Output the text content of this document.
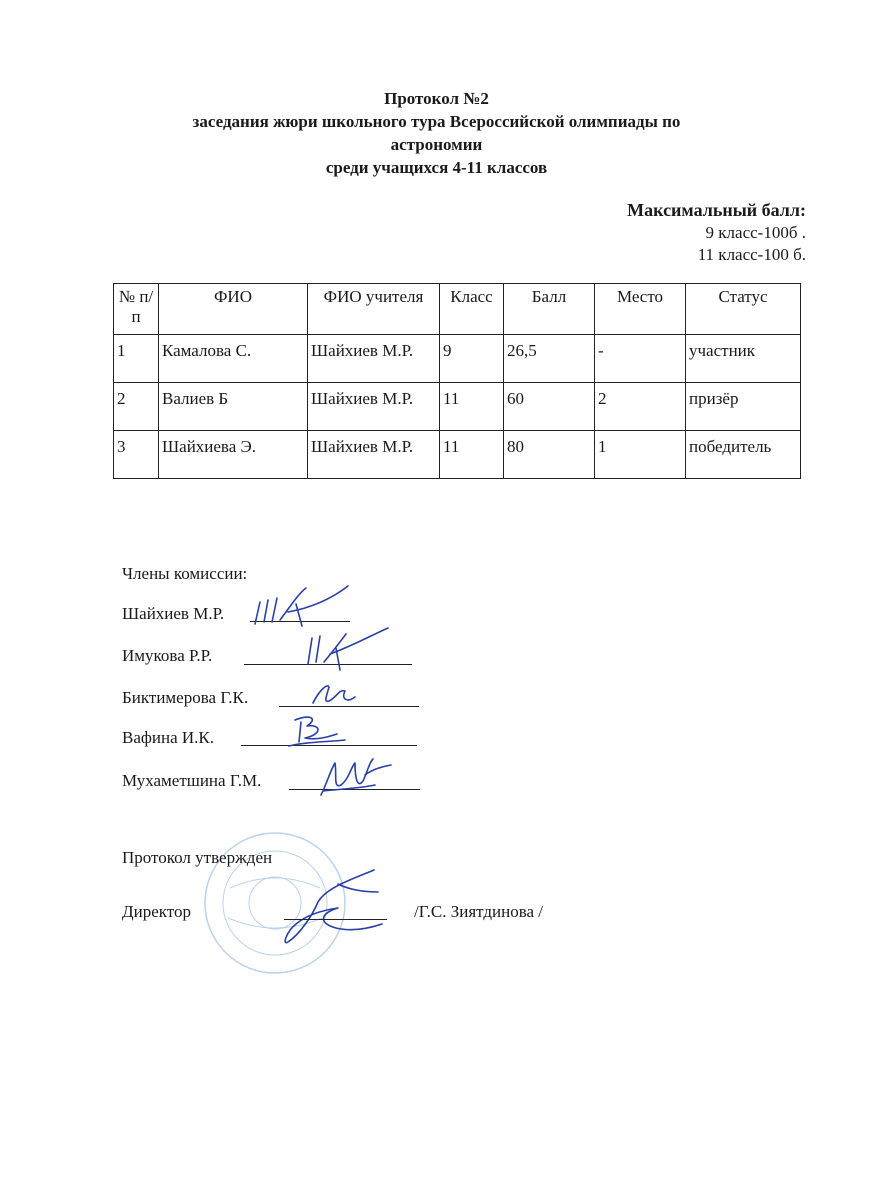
Протокол №2
заседания жюри школьного тура Всероссийской олимпиады по
астрономии
среди учащихся 4-11 классов
Максимальный балл:
9 класс-100б .
11 класс-100 б.
№ п/п	ФИО	ФИО учителя	Класс	Балл	Место	Статус
1	Камалова С.	Шайхиев М.Р.	9	26,5	-	участник
2	Валиев Б	Шайхиев М.Р.	11	60	2	призёр
3	Шайхиева Э.	Шайхиев М.Р.	11	80	1	победитель
Члены комиссии:
Шайхиев М.Р.
Имукова Р.Р.
Биктимерова Г.К.
Вафина И.К.
Мухаметшина Г.М.
Протокол утвержден
Директор	/Г.С. Зиятдинова /
